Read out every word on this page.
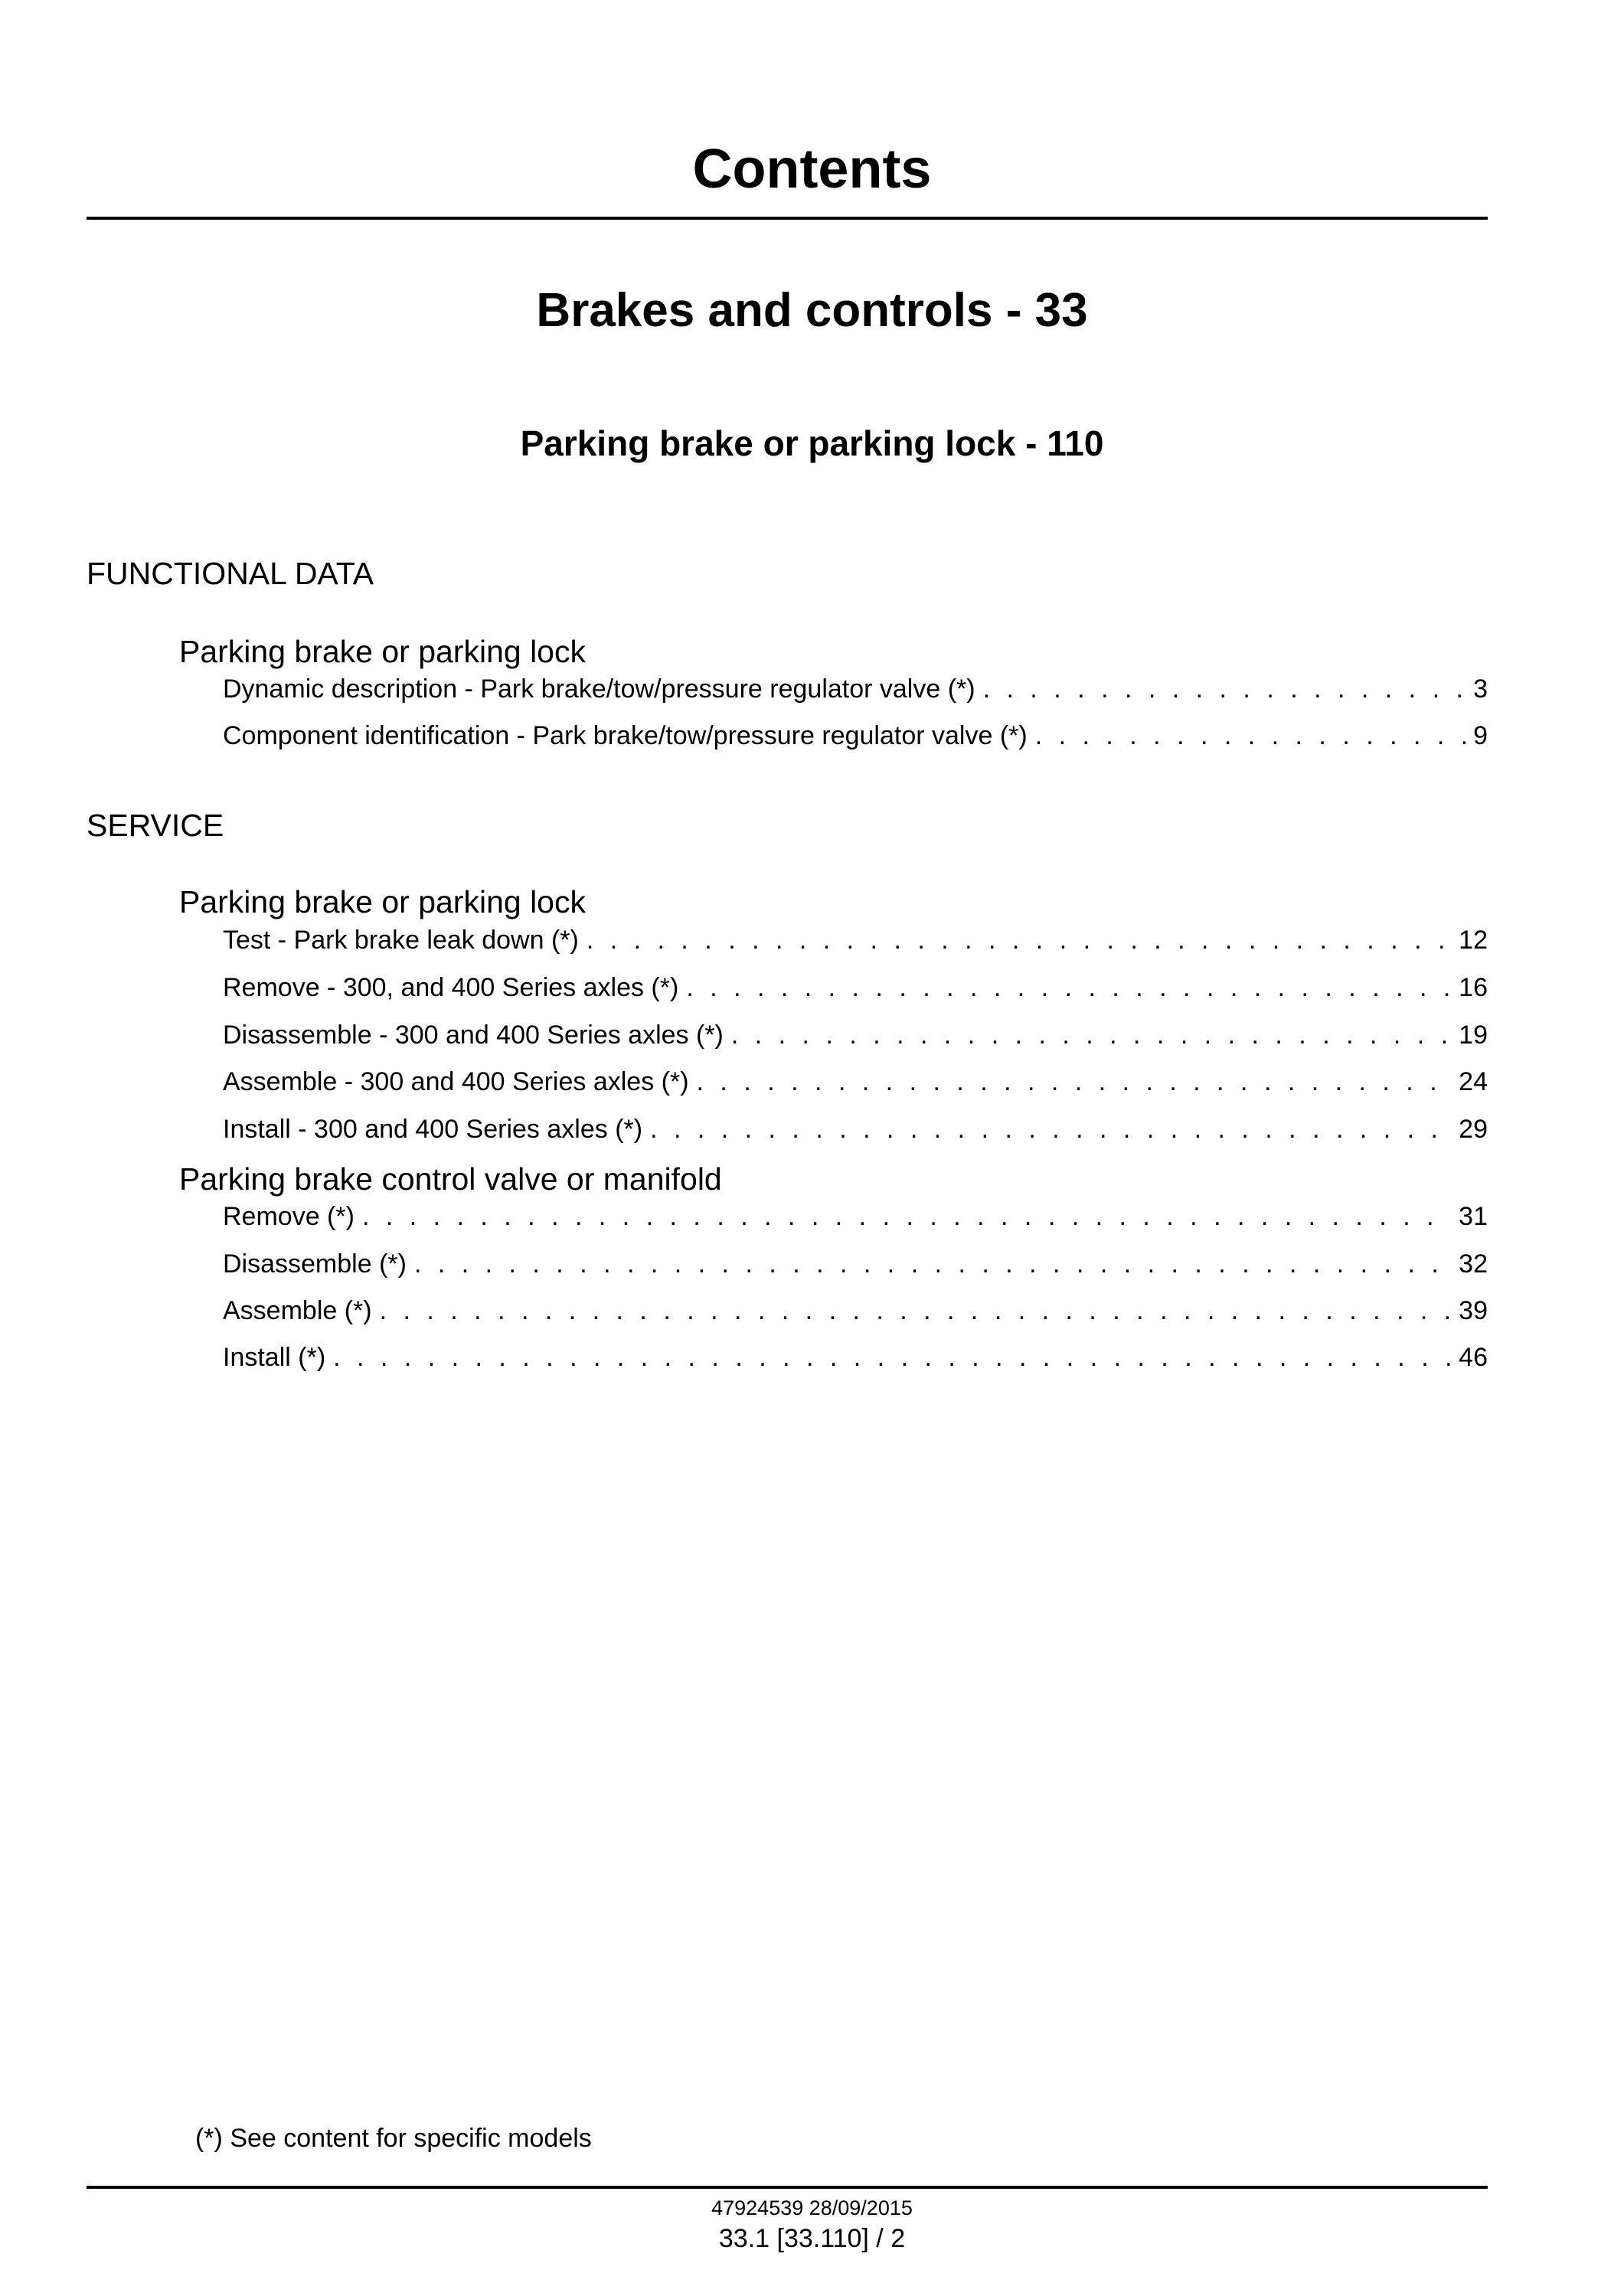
Contents
Brakes and controls - 33
Parking brake or parking lock - 110
FUNCTIONAL DATA
Parking brake or parking lock
Dynamic description - Park brake/tow/pressure regulator valve (*) . . .	3
Component identification - Park brake/tow/pressure regulator valve (*) . . .	9
SERVICE
Parking brake or parking lock
Test - Park brake leak down (*) . . .	12
Remove - 300, and 400 Series axles (*) . . .	16
Disassemble - 300 and 400 Series axles (*) . . .	19
Assemble - 300 and 400 Series axles (*) . . .	24
Install - 300 and 400 Series axles (*) . . .	29
Parking brake control valve or manifold
Remove (*) . . .	31
Disassemble (*) . . .	32
Assemble (*) . . .	39
Install (*) . . .	46
(*) See content for specific models
47924539 28/09/2015
33.1 [33.110] / 2
